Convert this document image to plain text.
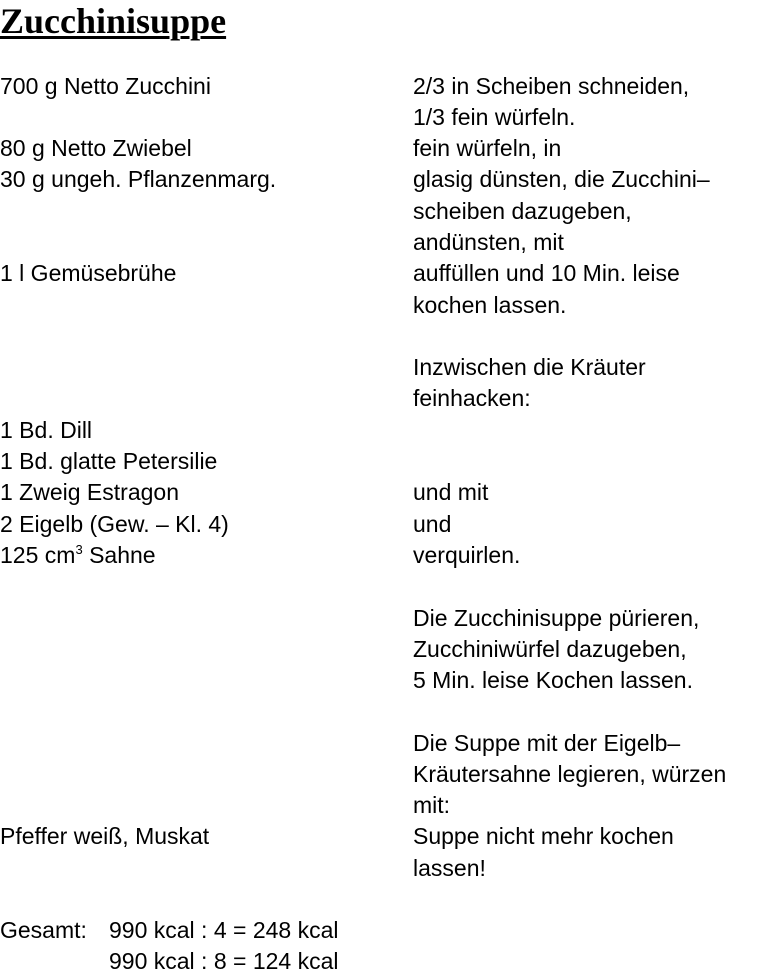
Zucchinisuppe
700 g Netto Zucchini
80 g Netto Zwiebel
30 g ungeh. Pflanzenmarg.
1 l Gemüsebrühe
1 Bd. Dill
1 Bd. glatte Petersilie
1 Zweig Estragon
2 Eigelb (Gew. – Kl. 4)
125 $cm^3$ Sahne
Pfeffer weiß, Muskat
2/3 in Scheiben schneiden,
1/3 fein würfeln.
fein würfeln, in
glasig dünsten, die Zucchini–
scheiben dazugeben,
andünsten, mit
auffüllen und 10 Min. leise
kochen lassen.
Inzwischen die Kräuter
feinhacken:
und mit
und
verquirlen.
Die Zucchinisuppe pürieren,
Zucchiniwürfel dazugeben,
5 Min. leise Kochen lassen.
Die Suppe mit der Eigelb–
Kräutersahne legieren, würzen
mit:
Suppe nicht mehr kochen
lassen!
Gesamt: 990 kcal : 4 = 248 kcal
990 kcal : 8 = 124 kcal
